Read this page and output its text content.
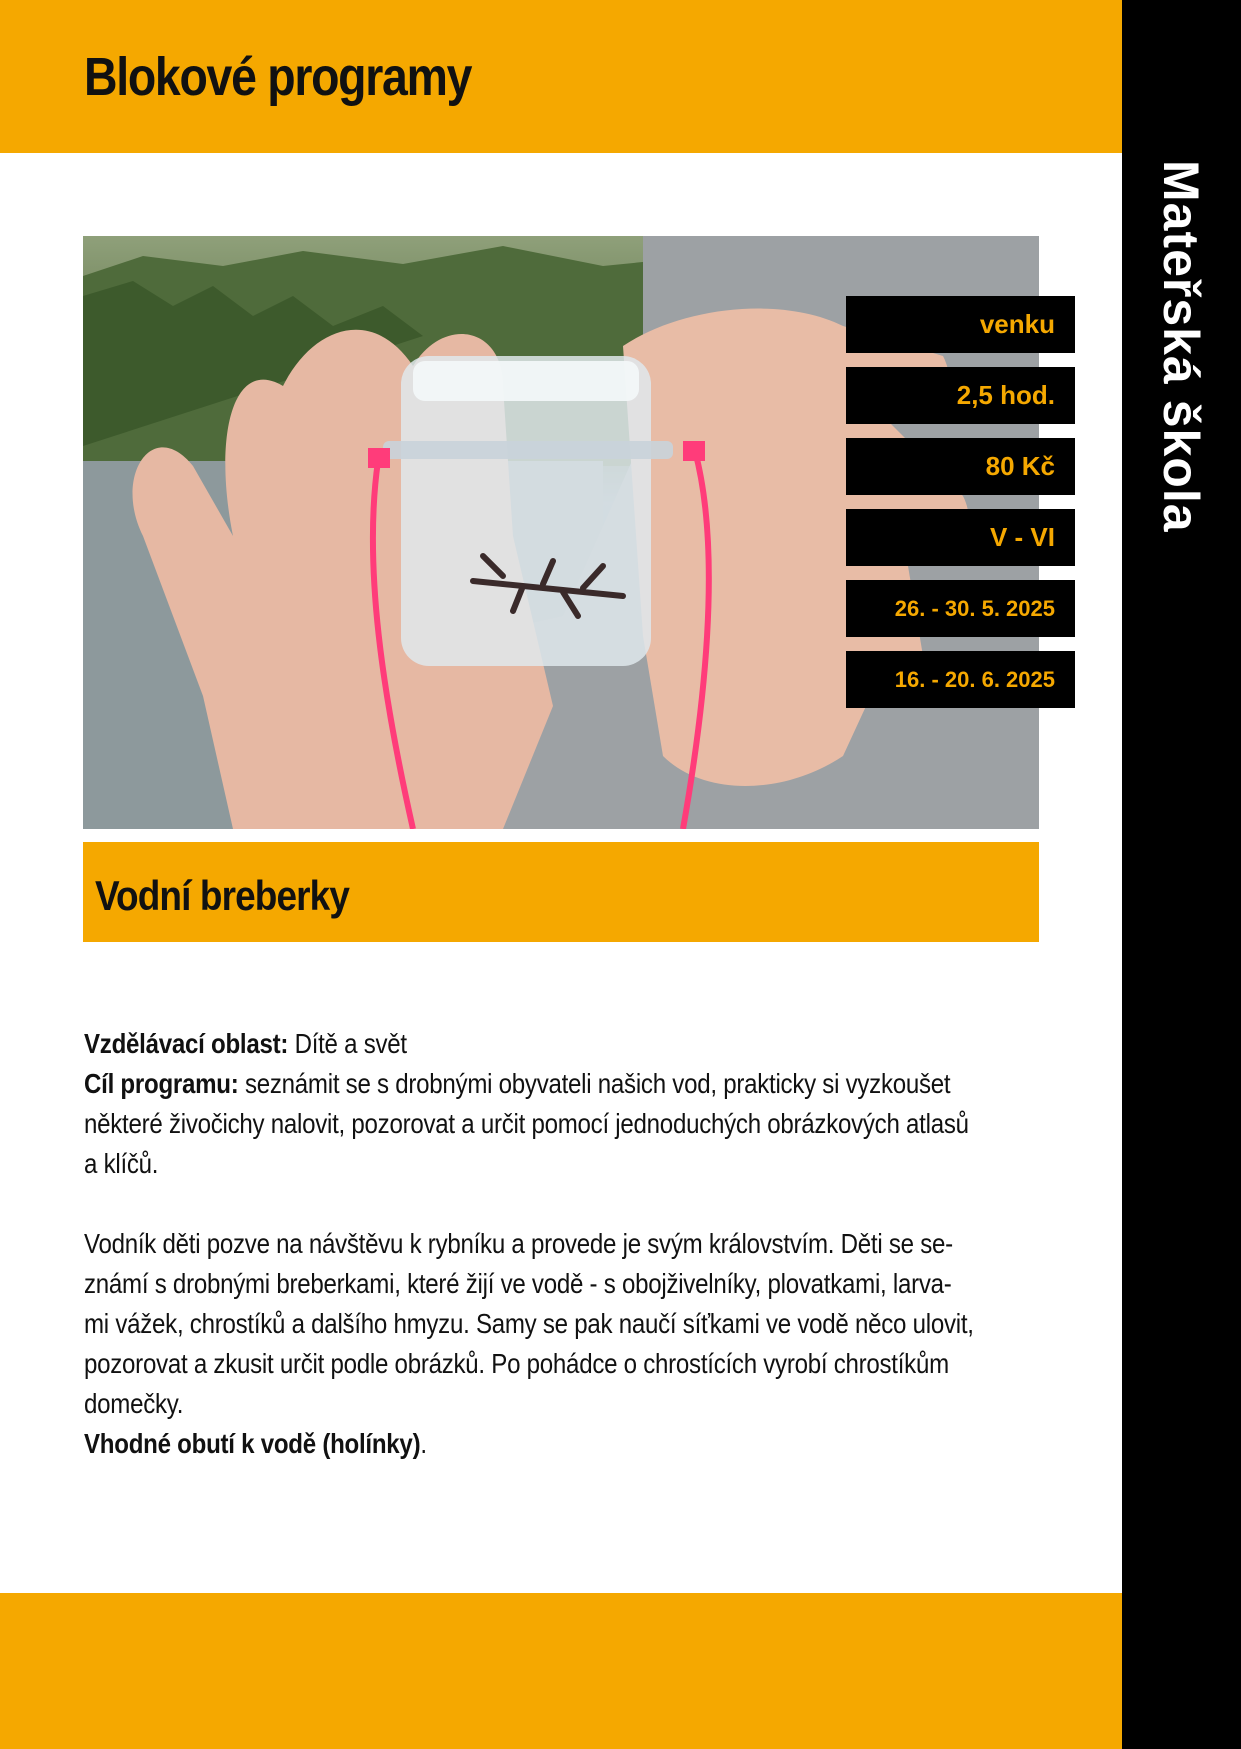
Blokové programy
Mateřská škola
venku
2,5 hod.
80 Kč
V - VI
26. - 30. 5. 2025
16. - 20. 6. 2025
Vodní breberky

Vzdělávací oblast: Dítě a svět

Cíl programu: seznámit se s drobnými obyvateli našich vod, prakticky si vyzkoušet

některé živočichy nalovit, pozorovat a určit pomocí jednoduchých obrázkových atlasů

a klíčů.

Vodník děti pozve na návštěvu k rybníku a provede je svým královstvím. Děti se se-

známí s drobnými breberkami, které žijí ve vodě - s obojživelníky, plovatkami, larva-

mi vážek, chrostíků a dalšího hmyzu. Samy se pak naučí síťkami ve vodě něco ulovit,

pozorovat a zkusit určit podle obrázků. Po pohádce o chrostících vyrobí chrostíkům

domečky.

Vhodné obutí k vodě (holínky).
